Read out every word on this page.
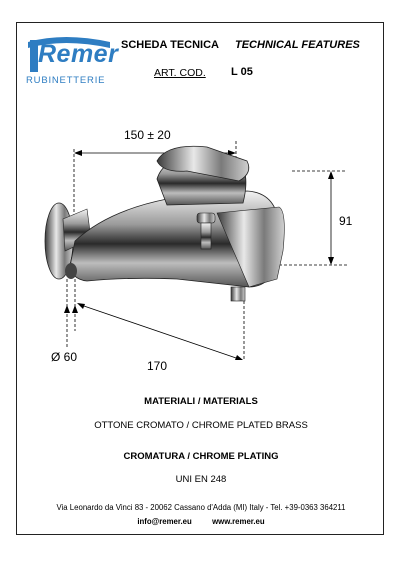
Remer
RUBINETTERIE
SCHEDA TECNICA TECHNICAL FEATURES
ART. COD. L 05
150 ± 20
91
Ø 60
170
MATERIALI / MATERIALS
OTTONE CROMATO / CHROME PLATED BRASS
CROMATURA / CHROME PLATING
UNI EN 248
Via Leonardo da Vinci 83 - 20062 Cassano d'Adda (MI) Italy - Tel. +39-0363 364211
info@remer.eu	www.remer.eu
